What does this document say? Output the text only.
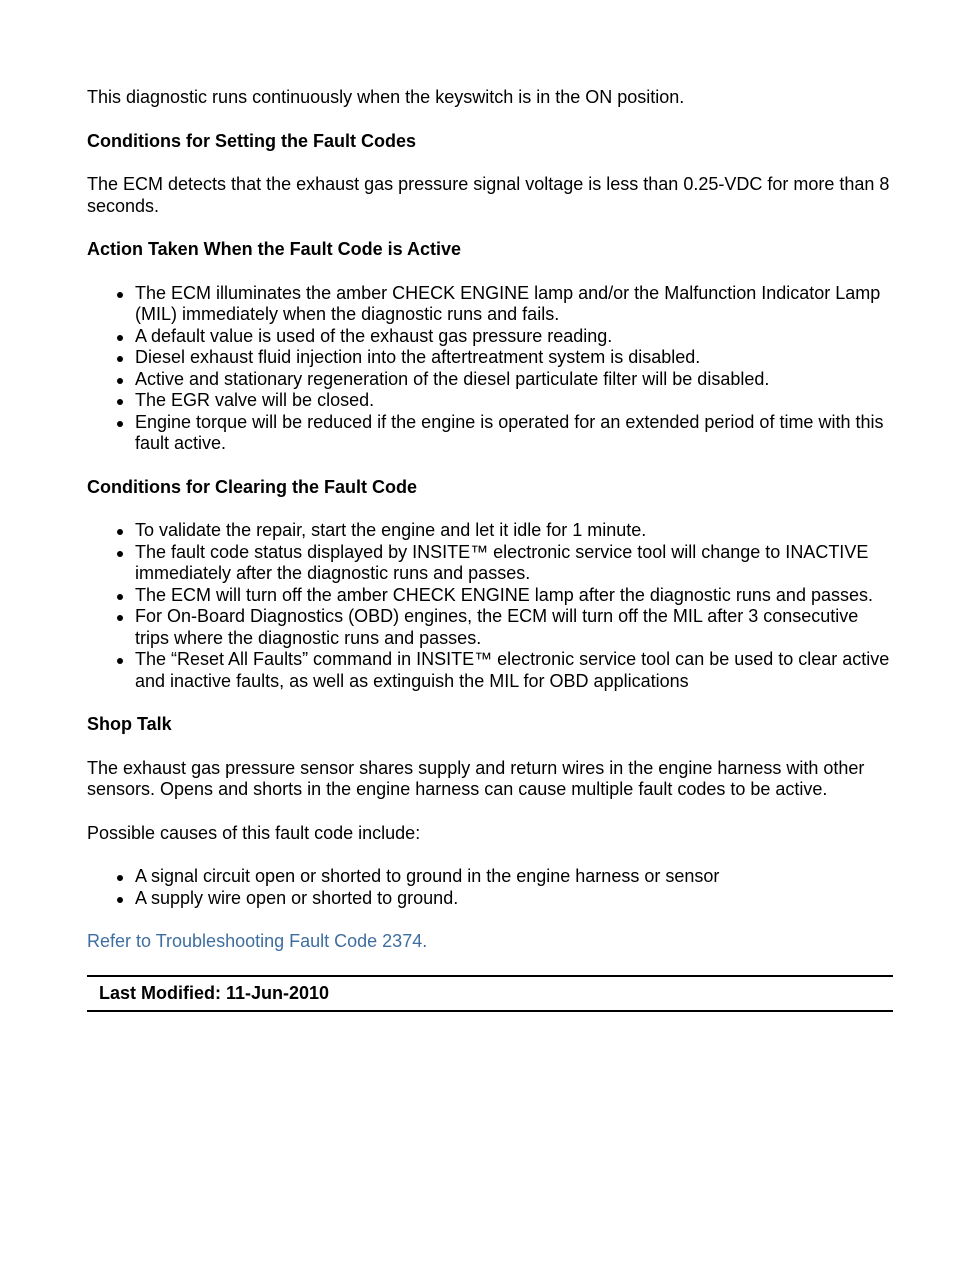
This diagnostic runs continuously when the keyswitch is in the ON position.

Conditions for Setting the Fault Codes

The ECM detects that the exhaust gas pressure signal voltage is less than 0.25-VDC for more than 8 seconds.

Action Taken When the Fault Code is Active
The ECM illuminates the amber CHECK ENGINE lamp and/or the Malfunction Indicator Lamp (MIL) immediately when the diagnostic runs and fails.
A default value is used of the exhaust gas pressure reading.
Diesel exhaust fluid injection into the aftertreatment system is disabled.
Active and stationary regeneration of the diesel particulate filter will be disabled.
The EGR valve will be closed.
Engine torque will be reduced if the engine is operated for an extended period of time with this fault active.
Conditions for Clearing the Fault Code
To validate the repair, start the engine and let it idle for 1 minute.
The fault code status displayed by INSITE™ electronic service tool will change to INACTIVE immediately after the diagnostic runs and passes.
The ECM will turn off the amber CHECK ENGINE lamp after the diagnostic runs and passes.
For On-Board Diagnostics (OBD) engines, the ECM will turn off the MIL after 3 consecutive trips where the diagnostic runs and passes.
The “Reset All Faults” command in INSITE™ electronic service tool can be used to clear active and inactive faults, as well as extinguish the MIL for OBD applications
Shop Talk

The exhaust gas pressure sensor shares supply and return wires in the engine harness with other sensors. Opens and shorts in the engine harness can cause multiple fault codes to be active.

Possible causes of this fault code include:

A signal circuit open or shorted to ground in the engine harness or sensor
A supply wire open or shorted to ground.

Refer to Troubleshooting Fault Code 2374.

Last Modified: 11-Jun-2010
